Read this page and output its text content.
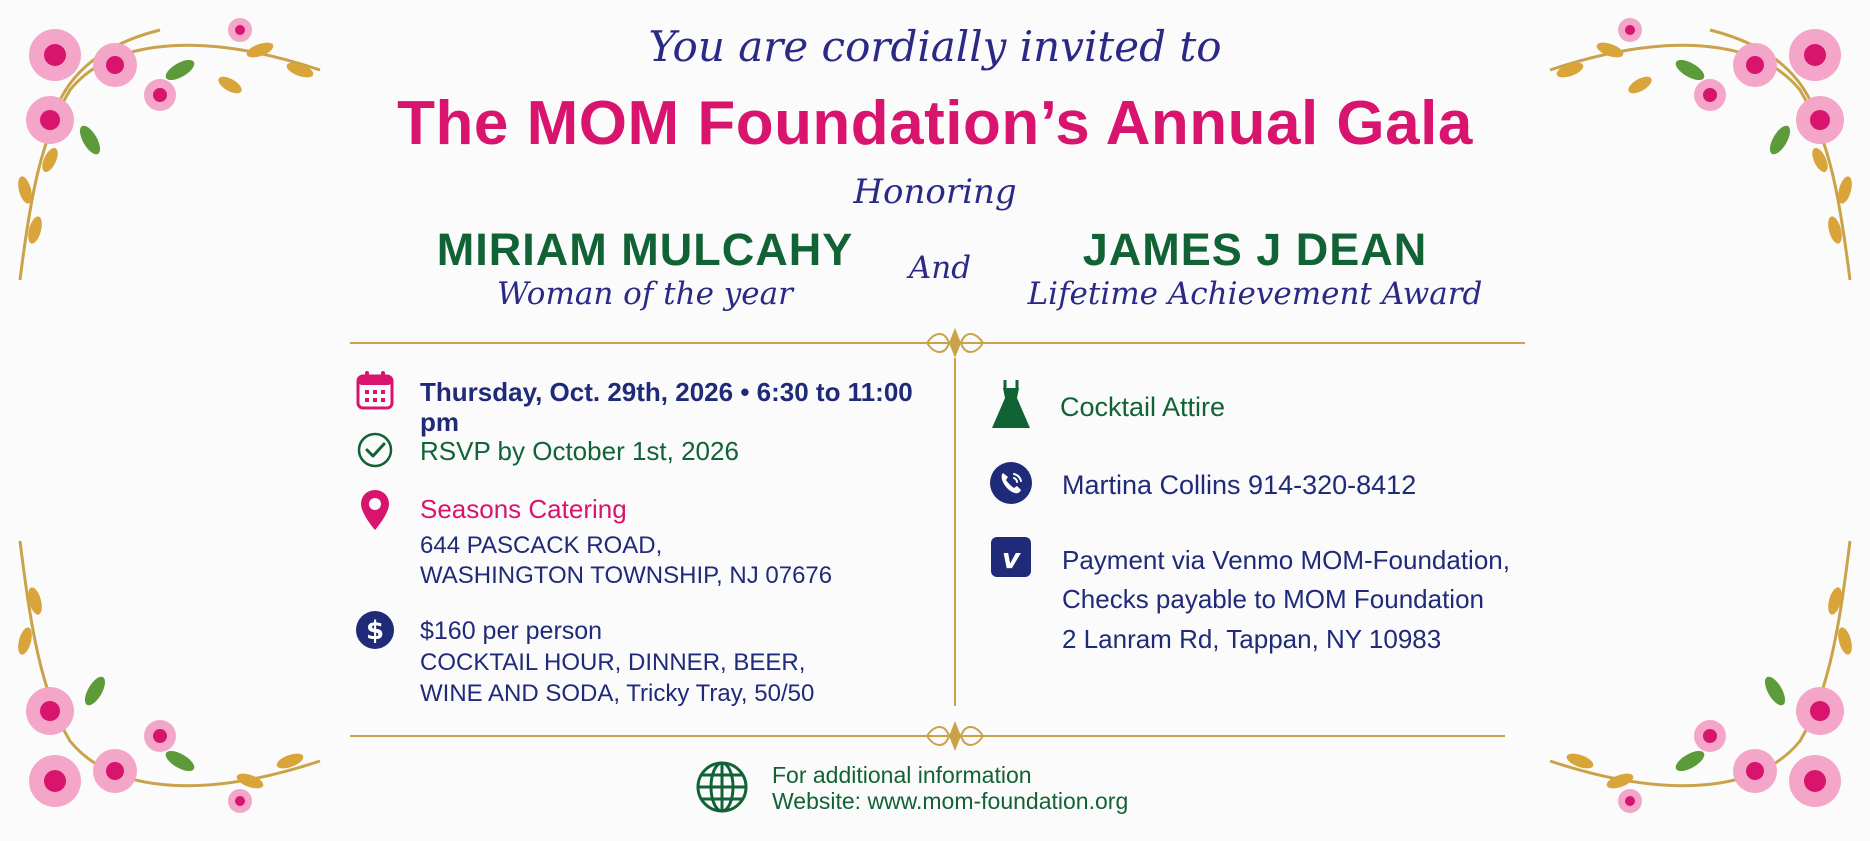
You are cordially invited to
The MOM Foundation’s Annual Gala
Honoring
MIRIAM MULCAHY
Woman of the year
And	JAMES J DEAN
Lifetime Achievement Award
Thursday, Oct. 29th, 2026 • 6:30 to 11:00 pm
RSVP by October 1st, 2026
Seasons Catering
644 PASCACK ROAD,
WASHINGTON TOWNSHIP, NJ 07676
$ $160 per person
COCKTAIL HOUR, DINNER, BEER,
WINE AND SODA, Tricky Tray, 50/50
Cocktail Attire
Martina Collins 914-320-8412
v Payment via Venmo MOM-Foundation,
Checks payable to MOM Foundation
2 Lanram Rd, Tappan, NY 10983
For additional information
Website: www.mom-foundation.org
